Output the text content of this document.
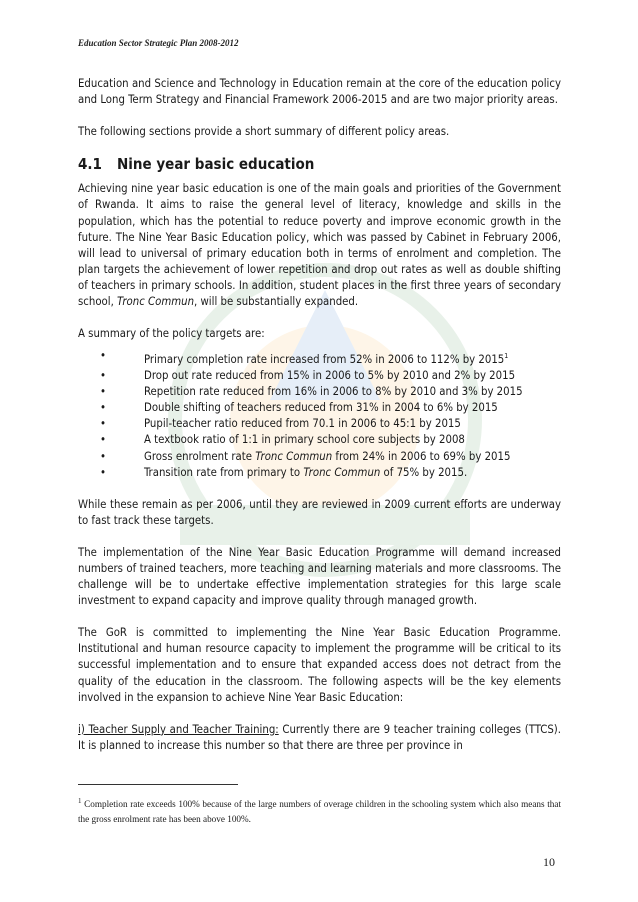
Education Sector Strategic Plan 2008-2012

Education and Science and Technology in Education remain at the core of the education policy and Long Term Strategy and Financial Framework 2006-2015 and are two major priority areas.

The following sections provide a short summary of different policy areas.

4.1 Nine year basic education

Achieving nine year basic education is one of the main goals and priorities of the Government of Rwanda. It aims to raise the general level of literacy, knowledge and skills in the population, which has the potential to reduce poverty and improve economic growth in the future. The Nine Year Basic Education policy, which was passed by Cabinet in February 2006, will lead to universal of primary education both in terms of enrolment and completion. The plan targets the achievement of lower repetition and drop out rates as well as double shifting of teachers in primary schools. In addition, student places in the first three years of secondary school, Tronc Commun, will be substantially expanded.

A summary of the policy targets are:

•	Primary completion rate increased from 52% in 2006 to 112% by 2015$^1$
•	Drop out rate reduced from 15% in 2006 to 5% by 2010 and 2% by 2015
•	Repetition rate reduced from 16% in 2006 to 8% by 2010 and 3% by 2015
•	Double shifting of teachers reduced from 31% in 2004 to 6% by 2015
•	Pupil-teacher ratio reduced from 70.1 in 2006 to 45:1 by 2015
•	A textbook ratio of 1:1 in primary school core subjects by 2008
•	Gross enrolment rate Tronc Commun from 24% in 2006 to 69% by 2015
•	Transition rate from primary to Tronc Commun of 75% by 2015.

While these remain as per 2006, until they are reviewed in 2009 current efforts are underway to fast track these targets.

The implementation of the Nine Year Basic Education Programme will demand increased numbers of trained teachers, more teaching and learning materials and more classrooms. The challenge will be to undertake effective implementation strategies for this large scale investment to expand capacity and improve quality through managed growth.

The GoR is committed to implementing the Nine Year Basic Education Programme. Institutional and human resource capacity to implement the programme will be critical to its successful implementation and to ensure that expanded access does not detract from the quality of the education in the classroom. The following aspects will be the key elements involved in the expansion to achieve Nine Year Basic Education:

i) Teacher Supply and Teacher Training: Currently there are 9 teacher training colleges (TTCS). It is planned to increase this number so that there are three per province in

$^1$ Completion rate exceeds 100% because of the large numbers of overage children in the schooling system which also means that the gross enrolment rate has been above 100%.
10
